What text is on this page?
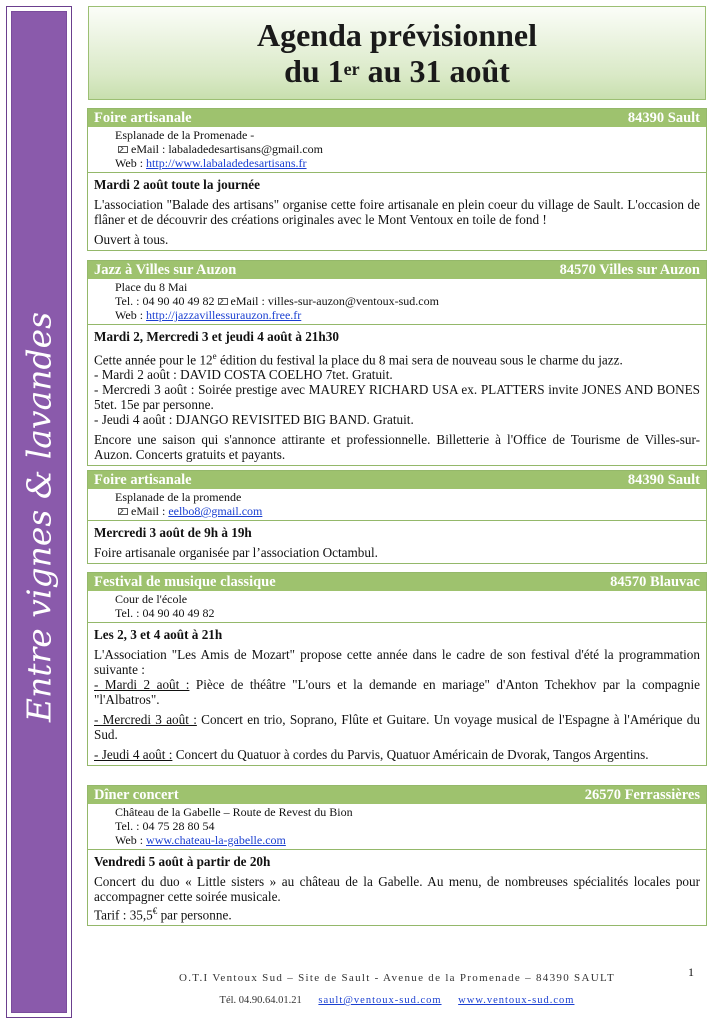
Entre vignes & lavandes
Agenda prévisionnel
du 1er au 31 août
Foire artisanale	84390 Sault
Esplanade de la Promenade -
eMail : labaladedesartisans@gmail.com
Web : http://www.labaladedesartisans.fr
Mardi 2 août toute la journée

L'association "Balade des artisans" organise cette foire artisanale en plein coeur du village de Sault. L'occasion de flâner et de découvrir des créations originales avec le Mont Ventoux en toile de fond !

Ouvert à tous.

Jazz à Villes sur Auzon	84570 Villes sur Auzon
Place du 8 Mai
Tel. : 04 90 40 49 82 eMail : villes-sur-auzon@ventoux-sud.com
Web : http://jazzavillessurauzon.free.fr
Mardi 2, Mercredi 3 et jeudi 4 août à 21h30

Cette année pour le 12e édition du festival la place du 8 mai sera de nouveau sous le charme du jazz.
- Mardi 2 août : DAVID COSTA COELHO 7tet. Gratuit.
- Mercredi 3 août : Soirée prestige avec MAUREY RICHARD USA ex. PLATTERS invite JONES AND BONES 5tet. 15e par personne.
- Jeudi 4 août : DJANGO REVISITED BIG BAND. Gratuit.

Encore une saison qui s'annonce attirante et professionnelle. Billetterie à l'Office de Tourisme de Villes-sur-Auzon. Concerts gratuits et payants.

Foire artisanale	84390 Sault
Esplanade de la promende
eMail : eelbo8@gmail.com
Mercredi 3 août de 9h à 19h

Foire artisanale organisée par l’association Octambul.

Festival de musique classique	84570 Blauvac
Cour de l'école
Tel. : 04 90 40 49 82
Les 2, 3 et 4 août à 21h

L'Association "Les Amis de Mozart" propose cette année dans le cadre de son festival d'été la programmation suivante :
- Mardi 2 août : Pièce de théâtre "L'ours et la demande en mariage" d'Anton Tchekhov par la compagnie "l'Albatros".

- Mercredi 3 août : Concert en trio, Soprano, Flûte et Guitare. Un voyage musical de l'Espagne à l'Amérique du Sud.

- Jeudi 4 août : Concert du Quatuor à cordes du Parvis, Quatuor Américain de Dvorak, Tangos Argentins.

Dîner concert	26570 Ferrassières
Château de la Gabelle – Route de Revest du Bion
Tel. : 04 75 28 80 54
Web : www.chateau-la-gabelle.com
Vendredi 5 août à partir de 20h

Concert du duo « Little sisters » au château de la Gabelle. Au menu, de nombreuses spécialités locales pour accompagner cette soirée musicale.
Tarif : 35,5€ par personne.

1
O.T.I Ventoux Sud – Site de Sault - Avenue de la Promenade – 84390 SAULT
Tél. 04.90.64.01.21 sault@ventoux-sud.com www.ventoux-sud.com
